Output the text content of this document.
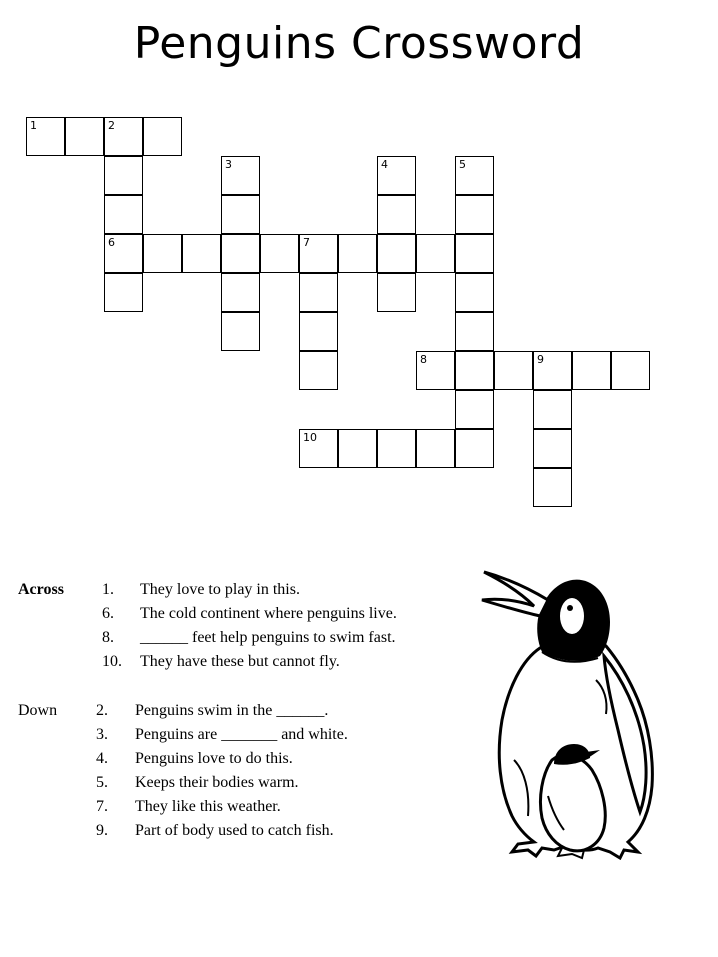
Penguins Crossword
1	2
3	4	5
6	7
8	9
10
Across 1. They love to play in this.
6. The cold continent where penguins live.
8. ______ feet help penguins to swim fast.
10. They have these but cannot fly.
Down 2. Penguins swim in the ______.
3. Penguins are _______ and white.
4. Penguins love to do this.
5. Keeps their bodies warm.
7. They like this weather.
9. Part of body used to catch fish.
